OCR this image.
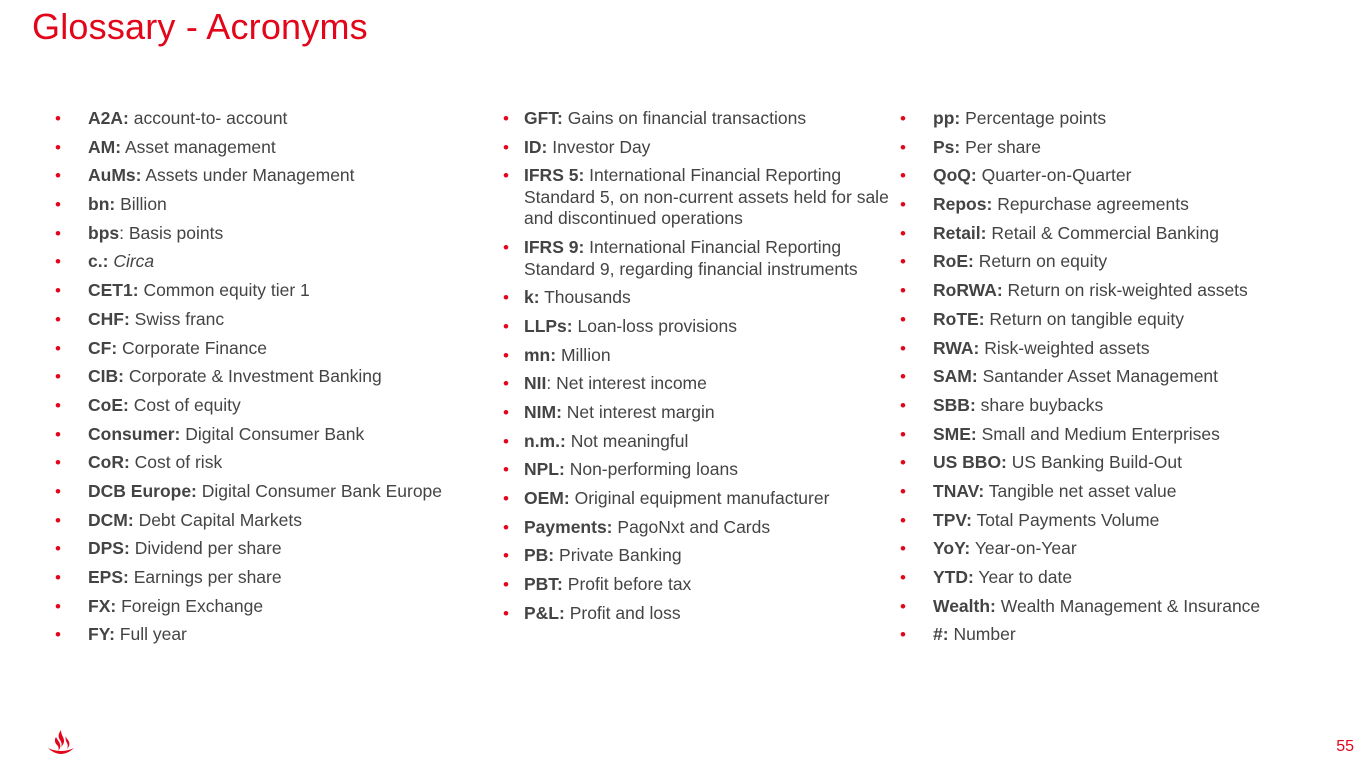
Glossary - Acronyms
• A2A: account-to- account
• AM: Asset management
• AuMs: Assets under Management
• bn: Billion
• bps: Basis points
• c.: Circa
• CET1: Common equity tier 1
• CHF: Swiss franc
• CF: Corporate Finance
• CIB: Corporate & Investment Banking
• CoE: Cost of equity
• Consumer: Digital Consumer Bank
• CoR: Cost of risk
• DCB Europe: Digital Consumer Bank Europe
• DCM: Debt Capital Markets
• DPS: Dividend per share
• EPS: Earnings per share
• FX: Foreign Exchange
• FY: Full year
• GFT: Gains on financial transactions
• ID: Investor Day
• IFRS 5: International Financial Reporting Standard 5, on non-current assets held for sale and discontinued operations
• IFRS 9: International Financial Reporting Standard 9, regarding financial instruments
• k: Thousands
• LLPs: Loan-loss provisions
• mn: Million
• NII: Net interest income
• NIM: Net interest margin
• n.m.: Not meaningful
• NPL: Non-performing loans
• OEM: Original equipment manufacturer
• Payments: PagoNxt and Cards
• PB: Private Banking
• PBT: Profit before tax
• P&L: Profit and loss
• pp: Percentage points
• Ps: Per share
• QoQ: Quarter-on-Quarter
• Repos: Repurchase agreements
• Retail: Retail & Commercial Banking
• RoE: Return on equity
• RoRWA: Return on risk-weighted assets
• RoTE: Return on tangible equity
• RWA: Risk-weighted assets
• SAM: Santander Asset Management
• SBB: share buybacks
• SME: Small and Medium Enterprises
• US BBO: US Banking Build-Out
• TNAV: Tangible net asset value
• TPV: Total Payments Volume
• YoY: Year-on-Year
• YTD: Year to date
• Wealth: Wealth Management & Insurance
• #: Number
55
